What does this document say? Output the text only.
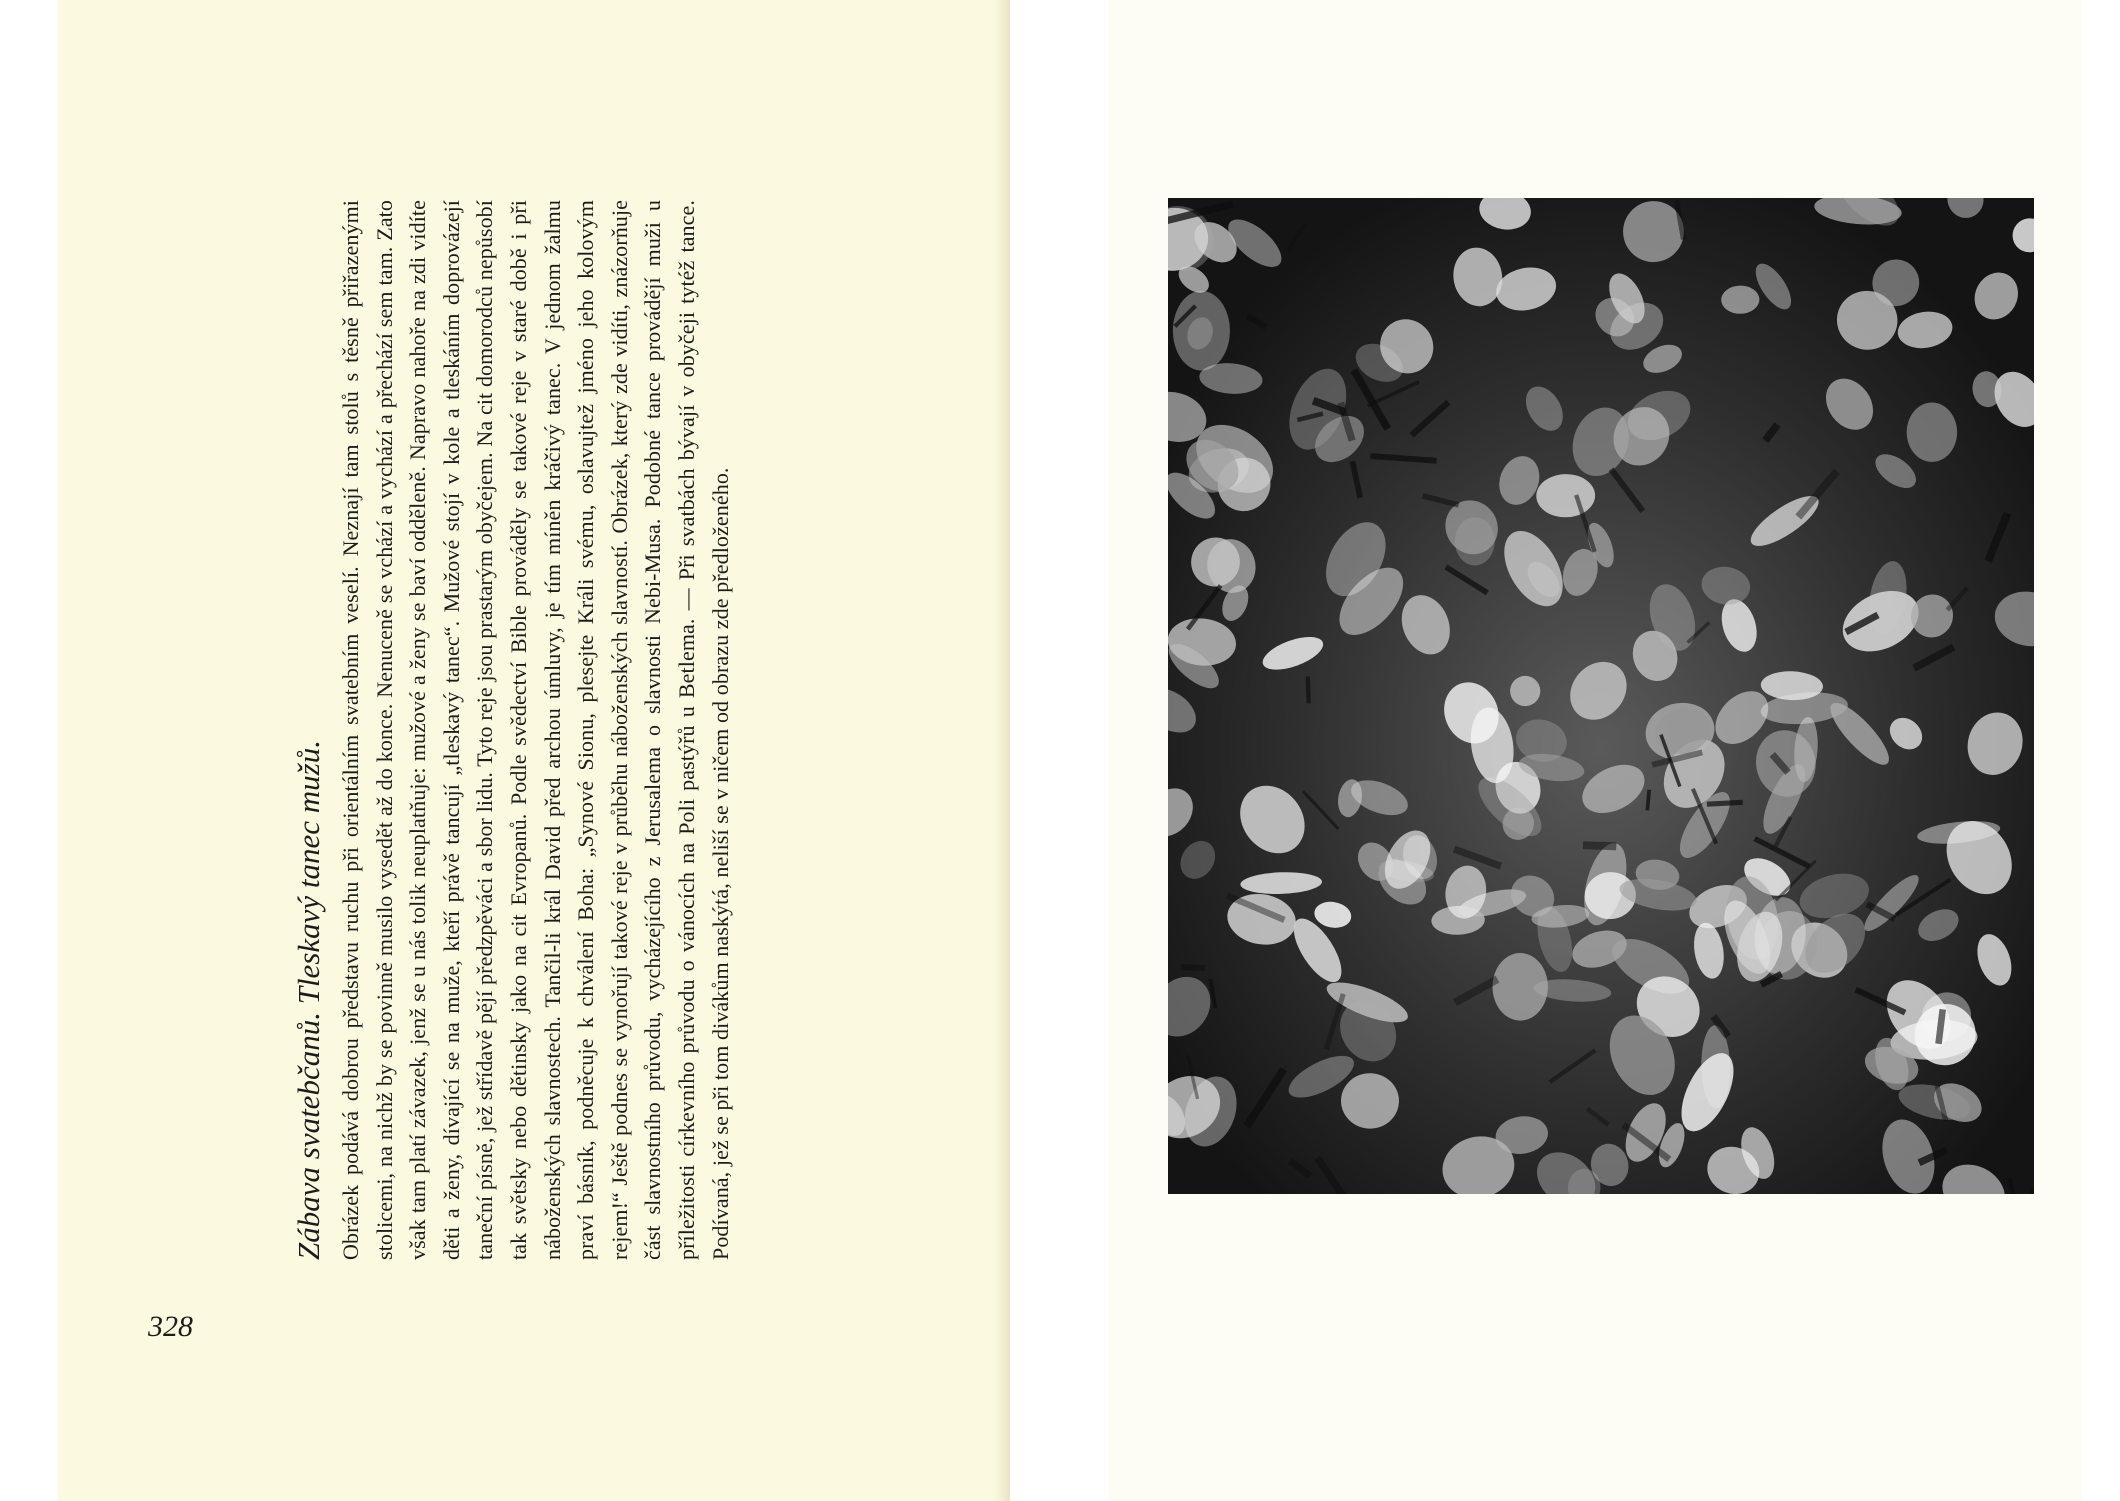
Zábava svatebčanů. Tleskavý tanec mužů. Obrázek podává dobrou představu ruchu při orientálním svatebním veselí. Neznají tam stolů s těsně přiřazenými stolicemi, na nichž by se povinně musilo vysedět až do konce. Nenuceně se vchází a vychází a přechází sem tam. Zato však tam platí závazek, jenž se u nás tolik neuplatňuje: mužové a ženy se baví odděleně. Napravo nahoře na zdi vidíte děti a ženy, dívající se na muže, kteří právě tancují „tleskavý tanec“. Mužové stojí v kole a tleskáním doprovázejí taneční písně, jež střídavě pějí předzpěváci a sbor lidu. Tyto reje jsou prastarým obyčejem. Na cit domorodců nepůsobí tak světsky nebo dětinsky jako na cit Evropanů. Podle svědectví Bible prováděly se takové reje v staré době i při náboženských slavnostech. Tančil-li král David před archou úmluvy, je tím míněn kráčivý tanec. V jednom žalmu praví básník, podněcuje k chválení Boha: „Synové Sionu, plesejte Králi svému, oslavujtež jméno jeho kolovým rejem!“ Ještě podnes se vynořují takové reje v průběhu náboženských slavností. Obrázek, který zde vidíti, znázorňuje část slavnostního průvodu, vycházejícího z Jerusalema o slavnosti Nebi-Musa. Podobné tance provádějí muži u příležitosti církevního průvodu o vánocích na Poli pastýřů u Betlema. — Při svatbách bývají v obyčeji tytéž tance. Podívaná, jež se při tom divákům naskýtá, neliší se v ničem od obrazu zde předloženého.

328
